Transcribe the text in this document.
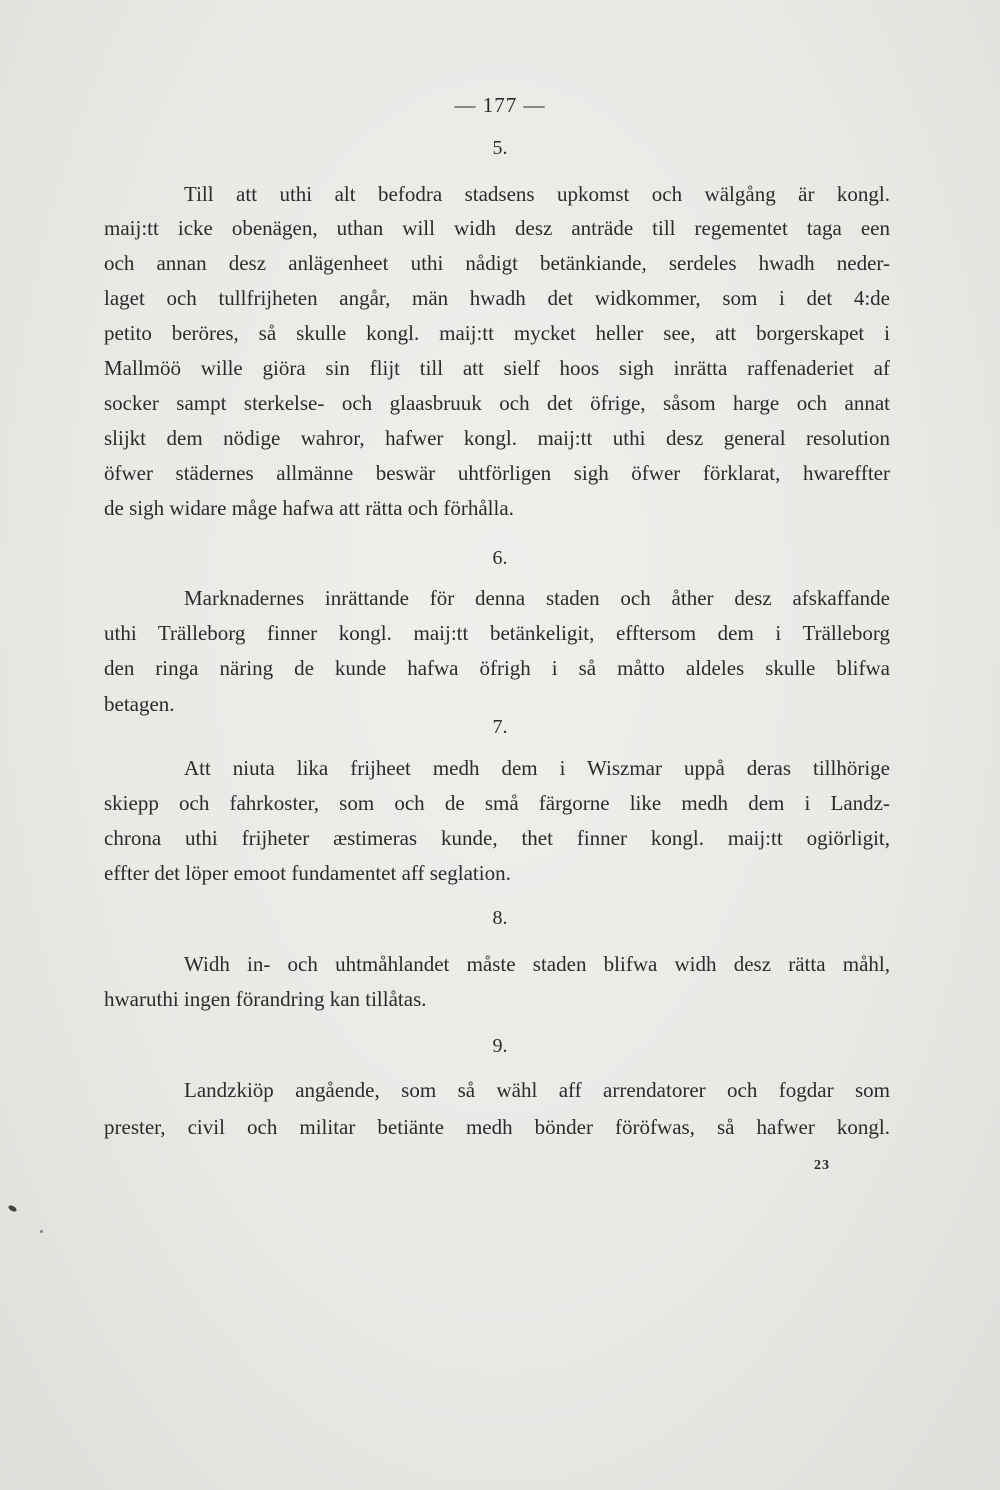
— 177 —
5.
Till att uthi alt befodra stadsens upkomst och wälgång är kongl.
maij:tt icke obenägen, uthan will widh desz anträde till regementet taga een
och annan desz anlägenheet uthi nådigt betänkiande, serdeles hwadh neder-
laget och tullfrijheten angår, män hwadh det widkommer, som i det 4:de
petito beröres, så skulle kongl. maij:tt mycket heller see, att borgerskapet i
Mallmöö wille giöra sin flijt till att sielf hoos sigh inrätta raffenaderiet af
socker sampt sterkelse- och glaasbruuk och det öfrige, såsom harge och annat
slijkt dem nödige wahror, hafwer kongl. maij:tt uthi desz general resolution
öfwer städernes allmänne beswär uhtförligen sigh öfwer förklarat, hwareffter
de sigh widare måge hafwa att rätta och förhålla.
6.
Marknadernes inrättande för denna staden och åther desz afskaffande
uthi Trälleborg finner kongl. maij:tt betänkeligit, efftersom dem i Trälleborg
den ringa näring de kunde hafwa öfrigh i så måtto aldeles skulle blifwa
betagen.
7.
Att niuta lika frijheet medh dem i Wiszmar uppå deras tillhörige
skiepp och fahrkoster, som och de små färgorne like medh dem i Landz-
chrona uthi frijheter æstimeras kunde, thet finner kongl. maij:tt ogiörligit,
effter det löper emoot fundamentet aff seglation.
8.
Widh in- och uhtmåhlandet måste staden blifwa widh desz rätta måhl,
hwaruthi ingen förandring kan tillåtas.
9.
Landzkiöp angående, som så wähl aff arrendatorer och fogdar som
prester, civil och militar betiänte medh bönder föröfwas, så hafwer kongl.
23
